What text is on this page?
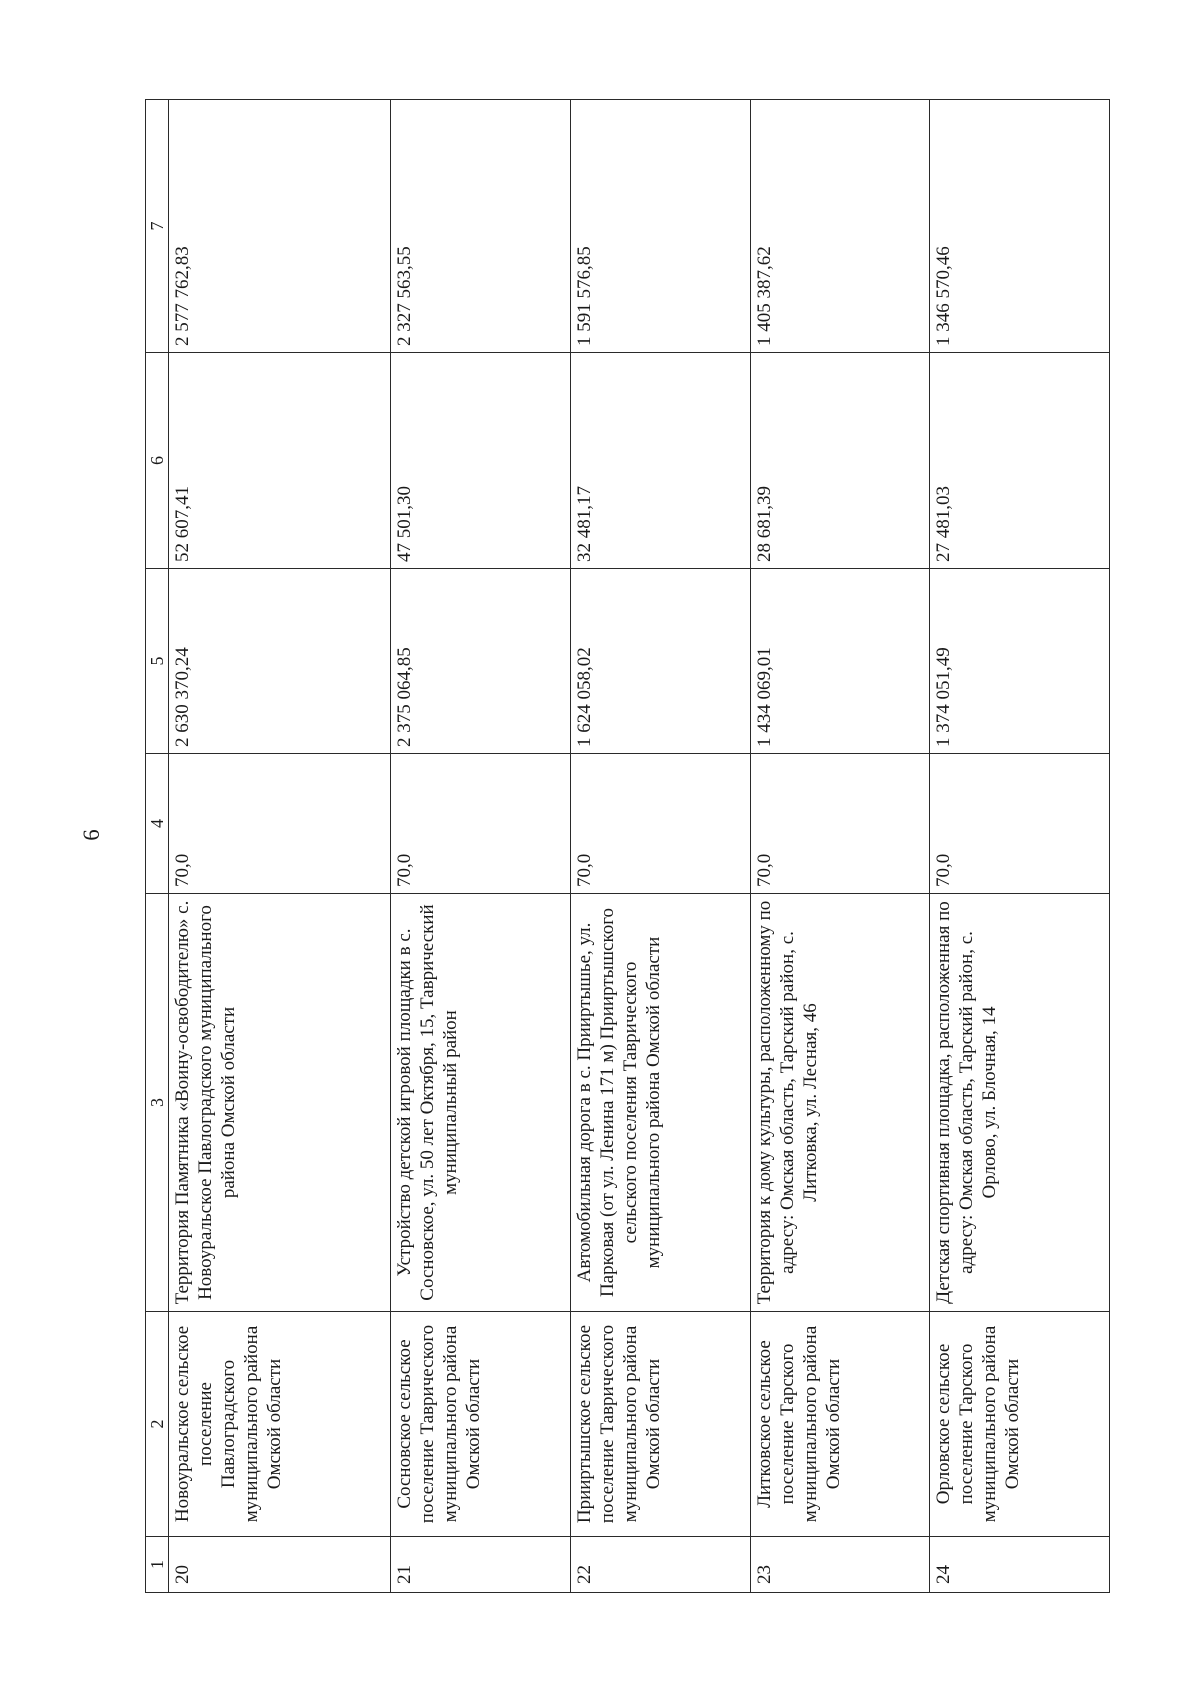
6
1	2	3	4	5	6	7
20	Новоуральское сельское поселение Павлоградского муниципального района Омской области	Территория Памятника «Воину-освободителю» с. Новоуральское Павлоградского муниципального района Омской области	70,0	2 630 370,24	52 607,41	2 577 762,83
21	Сосновское сельское поселение Таврического муниципального района Омской области	Устройство детской игровой площадки в с. Сосновское, ул. 50 лет Октября, 15, Таврический муниципальный район	70,0	2 375 064,85	47 501,30	2 327 563,55
22	Прииртышское сельское поселение Таврического муниципального района Омской области	Автомобильная дорога в с. Прииртышье, ул. Парковая (от ул. Ленина 171 м) Прииртышского сельского поселения Таврического муниципального района Омской области	70,0	1 624 058,02	32 481,17	1 591 576,85
23	Литковское сельское поселение Тарского муниципального района Омской области	Территория к дому культуры, расположенному по адресу: Омская область, Тарский район, с. Литковка, ул. Лесная, 46	70,0	1 434 069,01	28 681,39	1 405 387,62
24	Орловское сельское поселение Тарского муниципального района Омской области	Детская спортивная площадка, расположенная по адресу: Омская область, Тарский район, с. Орлово, ул. Блочная, 14	70,0	1 374 051,49	27 481,03	1 346 570,46
